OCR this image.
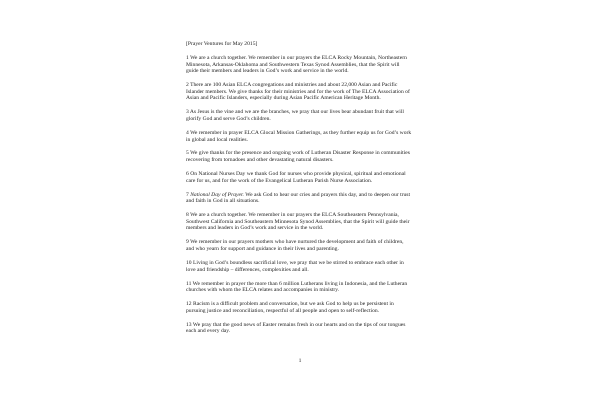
[Prayer Ventures for May 2015]

1 We are a church together. We remember in our prayers the ELCA Rocky Mountain, Northeastern Minnesota, Arkansas-Oklahoma and Southwestern Texas Synod Assemblies, that the Spirit will guide their members and leaders in God’s work and service in the world.

2 There are 100 Asian ELCA congregations and ministries and about 22,000 Asian and Pacific Islander members. We give thanks for their ministries and for the work of The ELCA Association of Asian and Pacific Islanders, especially during Asian Pacific American Heritage Month.

3 As Jesus is the vine and we are the branches, we pray that our lives bear abundant fruit that will glorify God and serve God’s children.

4 We remember in prayer ELCA Glocal Mission Gatherings, as they further equip us for God’s work in global and local realities.

5 We give thanks for the presence and ongoing work of Lutheran Disaster Response in communities recovering from tornadoes and other devastating natural disasters.

6 On National Nurses Day we thank God for nurses who provide physical, spiritual and emotional care for us, and for the work of the Evangelical Lutheran Parish Nurse Association.

7 National Day of Prayer. We ask God to hear our cries and prayers this day, and to deepen our trust and faith in God in all situations.

8 We are a church together. We remember in our prayers the ELCA Southeastern Pennsylvania, Southwest California and Southeastern Minnesota Synod Assemblies, that the Spirit will guide their members and leaders in God’s work and service in the world.

9 We remember in our prayers mothers who have nurtured the development and faith of children, and who yearn for support and guidance in their lives and parenting.

10 Living in God’s boundless sacrificial love, we pray that we be stirred to embrace each other in love and friendship – differences, complexities and all.

11 We remember in prayer the more than 6 million Lutherans living in Indonesia, and the Lutheran churches with whom the ELCA relates and accompanies in ministry.

12 Racism is a difficult problem and conversation, but we ask God to help us be persistent in pursuing justice and reconciliation, respectful of all people and open to self-reflection.

13 We pray that the good news of Easter remains fresh in our hearts and on the tips of our tongues each and every day.

1
